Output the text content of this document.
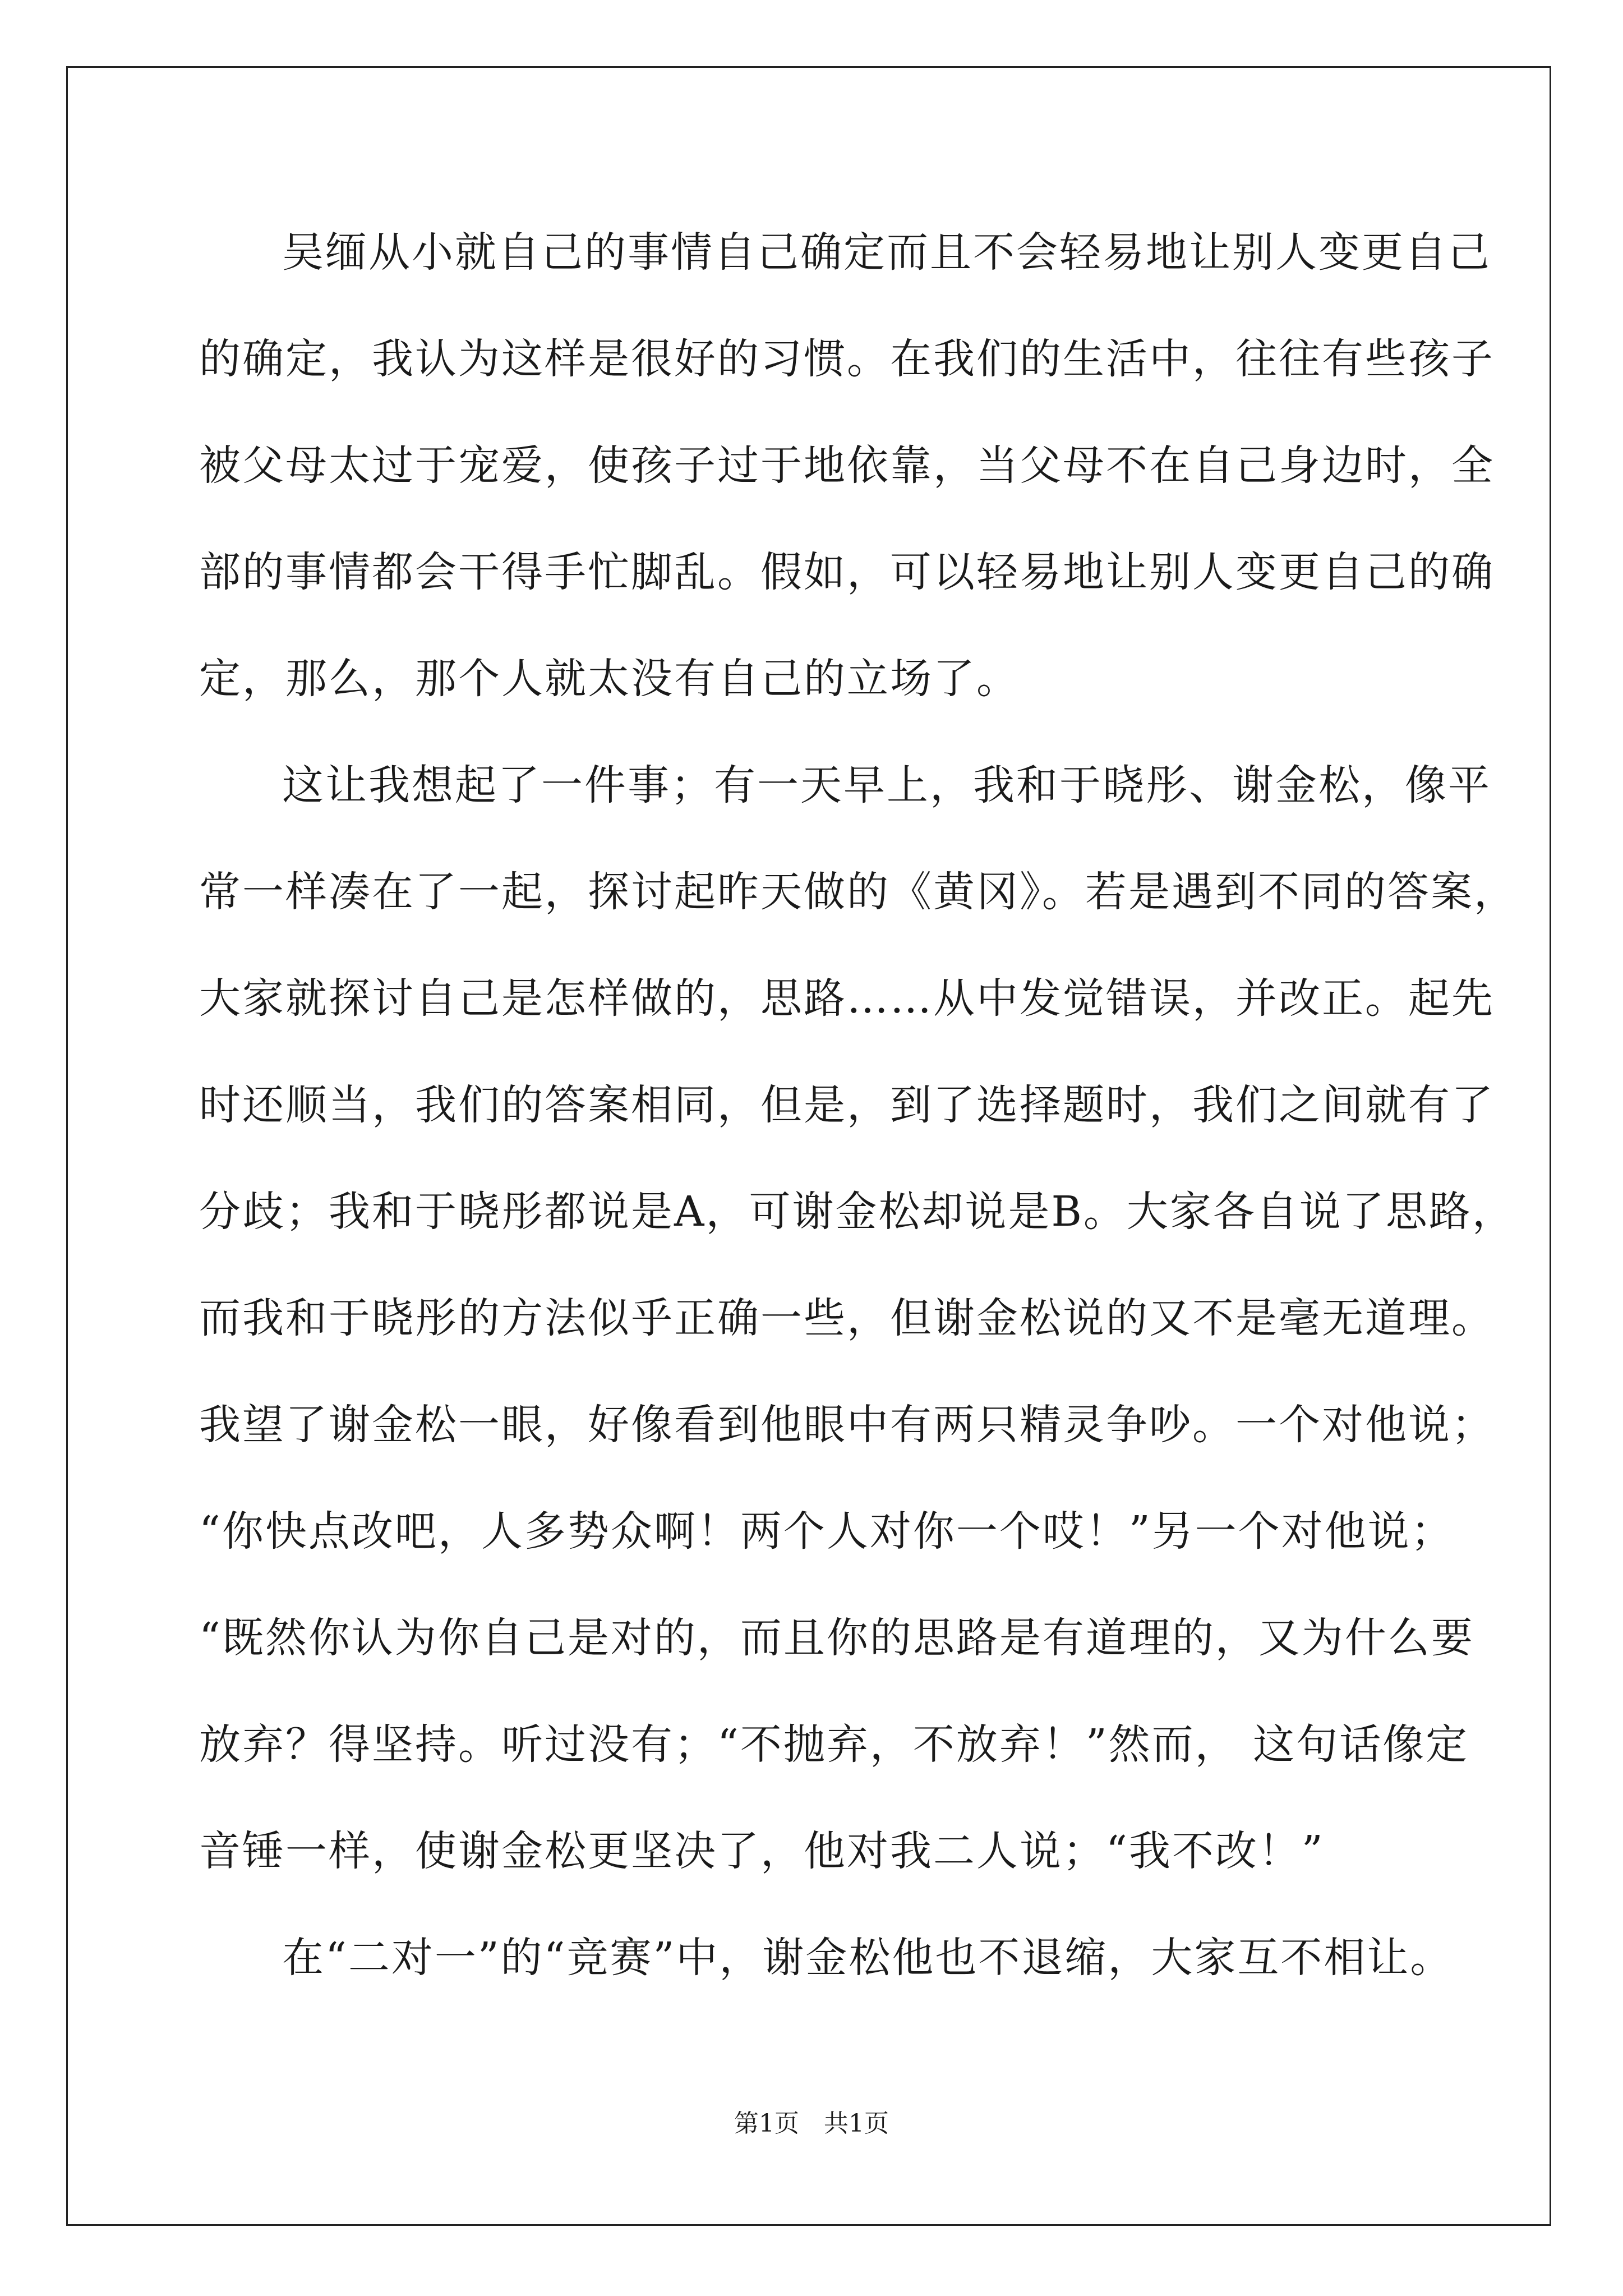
吴缅从小就自己的事情自己确定而且不会轻易地让别人变更自己
的确定，我认为这样是很好的习惯。在我们的生活中，往往有些孩子
被父母太过于宠爱，使孩子过于地依靠，当父母不在自己身边时，全
部的事情都会干得手忙脚乱。假如，可以轻易地让别人变更自己的确
定，那么，那个人就太没有自己的立场了。
这让我想起了一件事；有一天早上，我和于晓彤、谢金松，像平
常一样凑在了一起，探讨起昨天做的《黄冈》。若是遇到不同的答案，
大家就探讨自己是怎样做的，思路……从中发觉错误，并改正。起先
时还顺当，我们的答案相同，但是，到了选择题时，我们之间就有了
分歧；我和于晓彤都说是A，可谢金松却说是B。大家各自说了思路，
而我和于晓彤的方法似乎正确一些，但谢金松说的又不是毫无道理。
我望了谢金松一眼，好像看到他眼中有两只精灵争吵。一个对他说；
“你快点改吧，人多势众啊！两个人对你一个哎！”另一个对他说；
“既然你认为你自己是对的，而且你的思路是有道理的，又为什么要
放弃？得坚持。听过没有；“不抛弃，不放弃！”然而， 这句话像定
音锤一样，使谢金松更坚决了，他对我二人说；“我不改！”
在“二对一”的“竞赛”中，谢金松他也不退缩，大家互不相让。
第1页　共1页
